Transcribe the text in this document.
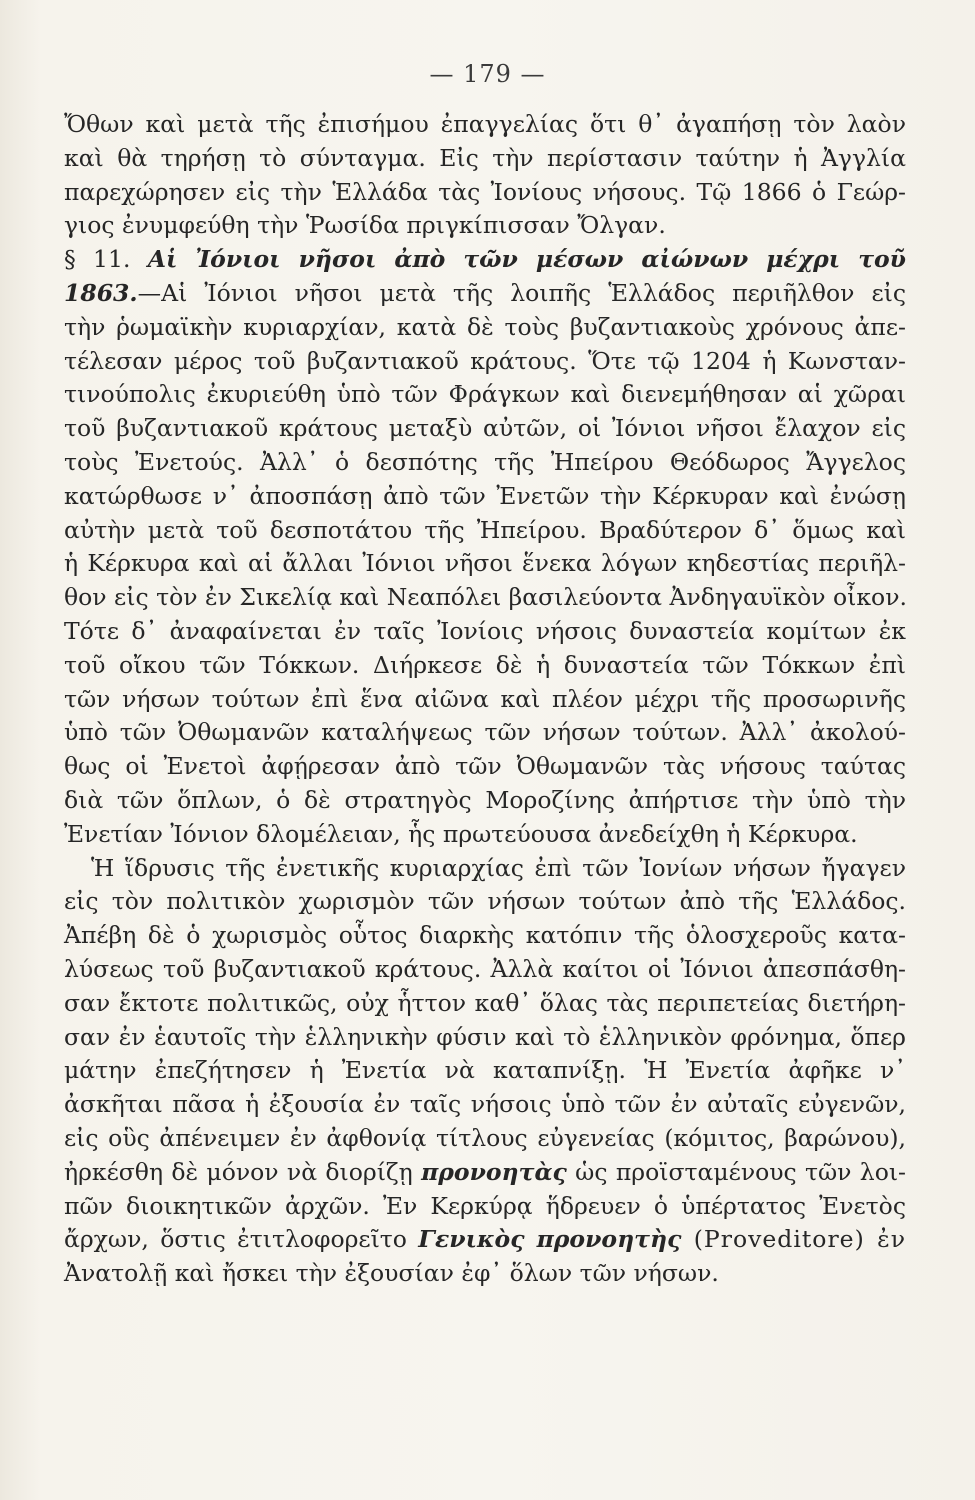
— 179 —
Ὄθων καὶ μετὰ τῆς ἐπισήμου ἐπαγγελίας ὅτι θ᾽ ἀγαπήσῃ τὸν λαὸν
καὶ θὰ τηρήσῃ τὸ σύνταγμα. Εἰς τὴν περίστασιν ταύτην ἡ Ἀγγλία
παρεχώρησεν εἰς τὴν Ἑλλάδα τὰς Ἰονίους νήσους. Τῷ 1866 ὁ Γεώρ-
γιος ἐνυμφεύθη τὴν Ῥωσίδα πριγκίπισσαν Ὄλγαν.
§ 11. Αἱ Ἰόνιοι νῆσοι ἀπὸ τῶν μέσων αἰώνων μέχρι τοῦ
1863.—Αἱ Ἰόνιοι νῆσοι μετὰ τῆς λοιπῆς Ἑλλάδος περιῆλθον εἰς
τὴν ῥωμαϊκὴν κυριαρχίαν, κατὰ δὲ τοὺς βυζαντιακοὺς χρόνους ἀπε-
τέλεσαν μέρος τοῦ βυζαντιακοῦ κράτους. Ὅτε τῷ 1204 ἡ Κωνσταν-
τινούπολις ἐκυριεύθη ὑπὸ τῶν Φράγκων καὶ διενεμήθησαν αἱ χῶραι
τοῦ βυζαντιακοῦ κράτους μεταξὺ αὐτῶν, οἱ Ἰόνιοι νῆσοι ἔλαχον εἰς
τοὺς Ἐνετούς. Ἀλλ᾽ ὁ δεσπότης τῆς Ἠπείρου Θεόδωρος Ἄγγελος
κατώρθωσε ν᾽ ἀποσπάσῃ ἀπὸ τῶν Ἐνετῶν τὴν Κέρκυραν καὶ ἐνώσῃ
αὐτὴν μετὰ τοῦ δεσποτάτου τῆς Ἠπείρου. Βραδύτερον δ᾽ ὅμως καὶ
ἡ Κέρκυρα καὶ αἱ ἄλλαι Ἰόνιοι νῆσοι ἕνεκα λόγων κηδεστίας περιῆλ-
θον εἰς τὸν ἐν Σικελίᾳ καὶ Νεαπόλει βασιλεύοντα Ἀνδηγαυϊκὸν οἶκον.
Τότε δ᾽ ἀναφαίνεται ἐν ταῖς Ἰονίοις νήσοις δυναστεία κομίτων ἐκ
τοῦ οἴκου τῶν Τόκκων. Διήρκεσε δὲ ἡ δυναστεία τῶν Τόκκων ἐπὶ
τῶν νήσων τούτων ἐπὶ ἕνα αἰῶνα καὶ πλέον μέχρι τῆς προσωρινῆς
ὑπὸ τῶν Ὀθωμανῶν καταλήψεως τῶν νήσων τούτων. Ἀλλ᾽ ἀκολού-
θως οἱ Ἐνετοὶ ἀφῄρεσαν ἀπὸ τῶν Ὀθωμανῶν τὰς νήσους ταύτας
διὰ τῶν ὅπλων, ὁ δὲ στρατηγὸς Μοροζίνης ἀπήρτισε τὴν ὑπὸ τὴν
Ἐνετίαν Ἰόνιον δλομέλειαν, ἧς πρωτεύουσα ἀνεδείχθη ἡ Κέρκυρα.
Ἡ ἵδρυσις τῆς ἐνετικῆς κυριαρχίας ἐπὶ τῶν Ἰονίων νήσων ἤγαγεν
εἰς τὸν πολιτικὸν χωρισμὸν τῶν νήσων τούτων ἀπὸ τῆς Ἑλλάδος.
Ἀπέβη δὲ ὁ χωρισμὸς οὗτος διαρκὴς κατόπιν τῆς ὁλοσχεροῦς κατα-
λύσεως τοῦ βυζαντιακοῦ κράτους. Ἀλλὰ καίτοι οἱ Ἰόνιοι ἀπεσπάσθη-
σαν ἔκτοτε πολιτικῶς, οὐχ ἧττον καθ᾽ ὅλας τὰς περιπετείας διετήρη-
σαν ἐν ἑαυτοῖς τὴν ἑλληνικὴν φύσιν καὶ τὸ ἑλληνικὸν φρόνημα, ὅπερ
μάτην ἐπεζήτησεν ἡ Ἐνετία νὰ καταπνίξῃ. Ἡ Ἐνετία ἀφῆκε ν᾽
ἀσκῆται πᾶσα ἡ ἐξουσία ἐν ταῖς νήσοις ὑπὸ τῶν ἐν αὐταῖς εὐγενῶν,
εἰς οὓς ἀπένειμεν ἐν ἀφθονίᾳ τίτλους εὐγενείας (κόμιτος, βαρώνου),
ἠρκέσθη δὲ μόνον νὰ διορίζῃ προνοητὰς ὡς προϊσταμένους τῶν λοι-
πῶν διοικητικῶν ἀρχῶν. Ἐν Κερκύρᾳ ἥδρευεν ὁ ὑπέρτατος Ἐνετὸς
ἄρχων, ὅστις ἐτιτλοφορεῖτο Γενικὸς προνοητὴς (Proveditore) ἐν
Ἀνατολῇ καὶ ἤσκει τὴν ἐξουσίαν ἐφ᾽ ὅλων τῶν νήσων.
